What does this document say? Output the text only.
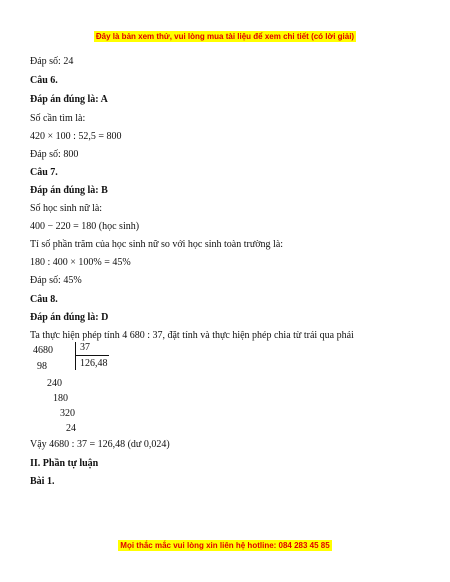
Đây là bản xem thử, vui lòng mua tài liệu để xem chi tiết (có lời giải)
Đáp số: 24
Câu 6.
Đáp án đúng là: A
Số cần tìm là:
420 × 100 : 52,5 = 800
Đáp số: 800
Câu 7.
Đáp án đúng là: B
Số học sinh nữ là:
400 − 220 = 180 (học sinh)
Tỉ số phần trăm của học sinh nữ so với học sinh toàn trường là:
180 : 400 × 100% = 45%
Đáp số: 45%
Câu 8.
Đáp án đúng là: D
Ta thực hiện phép tính 4 680 : 37, đặt tính và thực hiện phép chia từ trái qua phải
4680	37
126,48
98
240
180
320
24
Vậy 4680 : 37 = 126,48 (dư 0,024)
II. Phần tự luận
Bài 1.
Mọi thắc mắc vui lòng xin liên hệ hotline: 084 283 45 85
